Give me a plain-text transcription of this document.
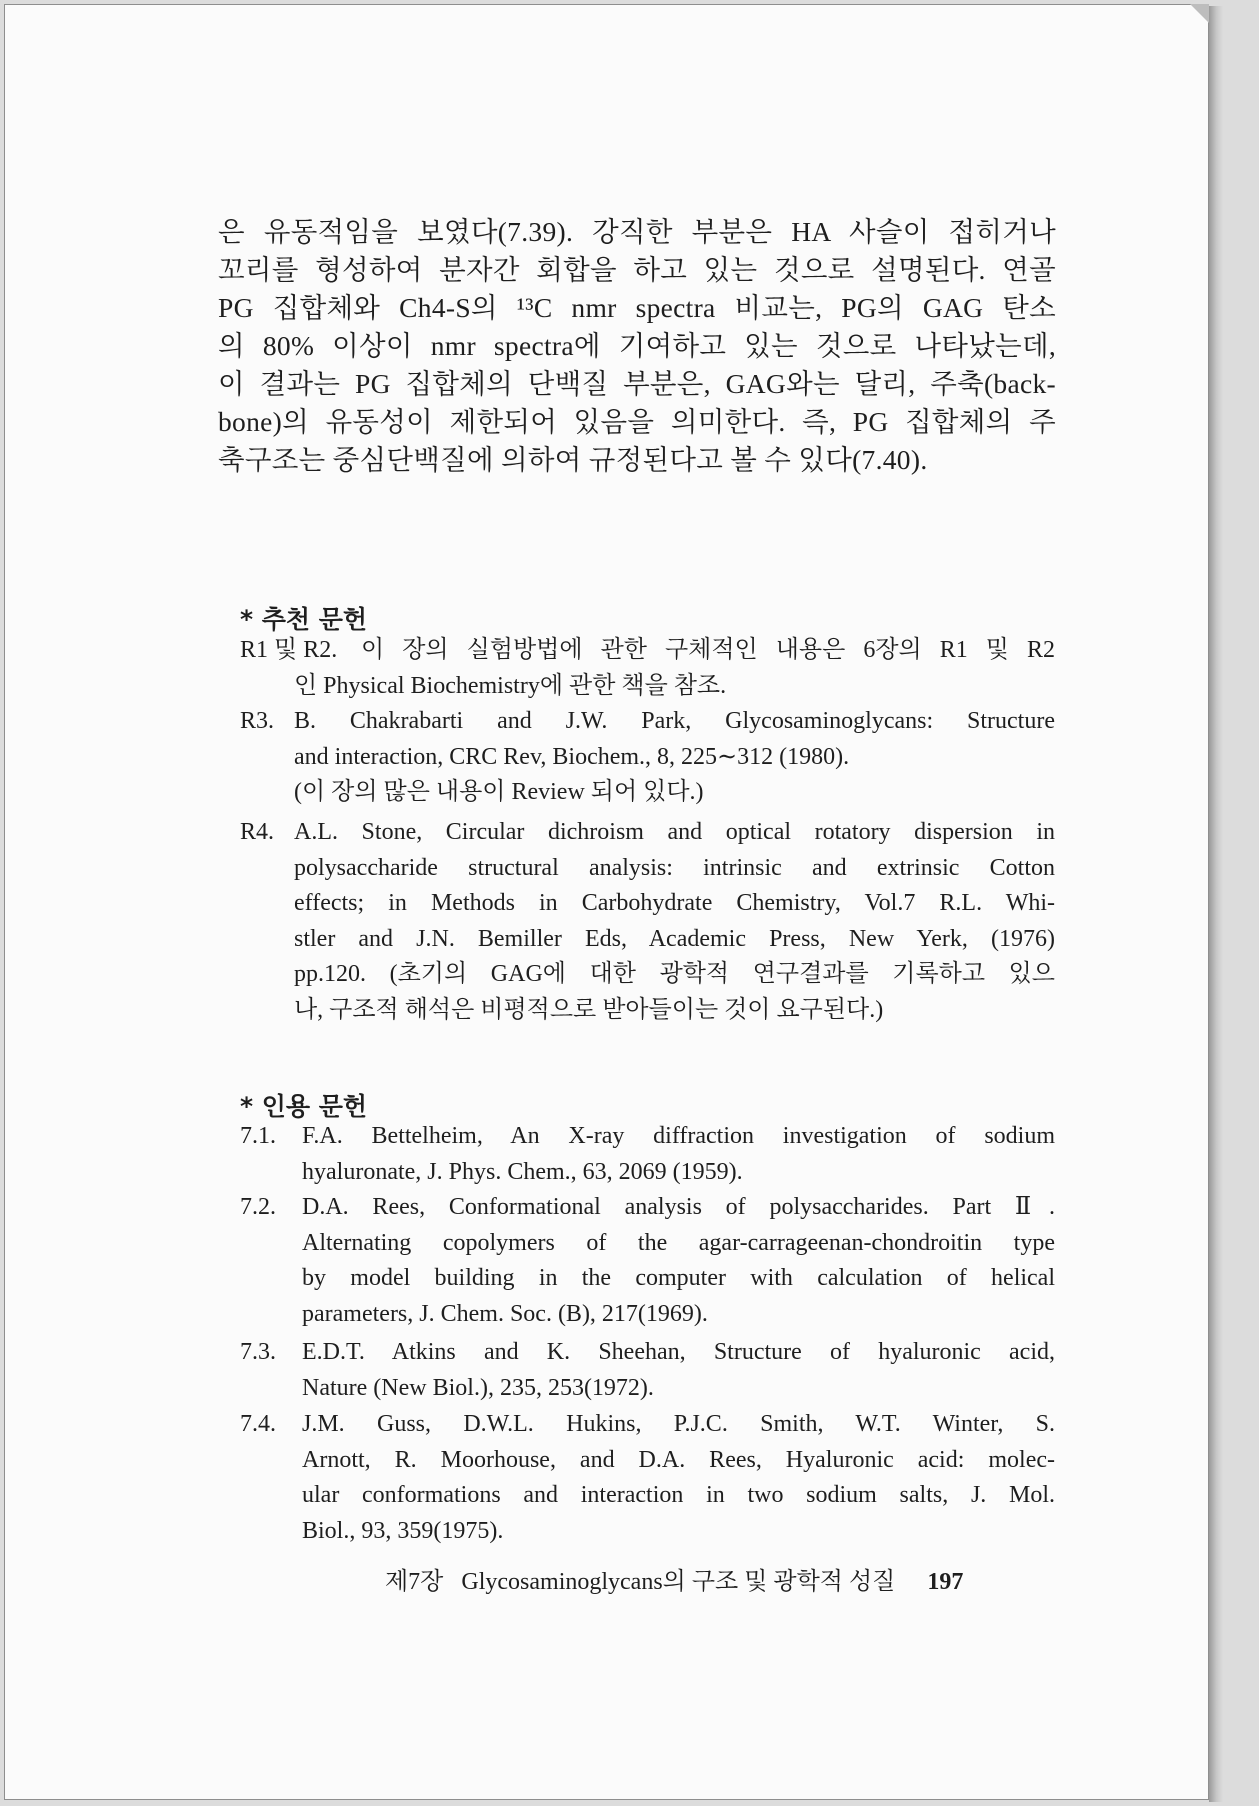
은 유동적임을 보였다(7.39). 강직한 부분은 HA 사슬이 접히거나
꼬리를 형성하여 분자간 회합을 하고 있는 것으로 설명된다. 연골
PG 집합체와 Ch4-S의 ¹³C nmr spectra 비교는, PG의 GAG 탄소
의 80% 이상이 nmr spectra에 기여하고 있는 것으로 나타났는데,
이 결과는 PG 집합체의 단백질 부분은, GAG와는 달리, 주축(back-
bone)의 유동성이 제한되어 있음을 의미한다. 즉, PG 집합체의 주
축구조는 중심단백질에 의하여 규정된다고 볼 수 있다(7.40).

* 추천 문헌
R1 및 R2. 이 장의 실험방법에 관한 구체적인 내용은 6장의 R1 및 R2
인 Physical Biochemistry에 관한 책을 참조.
R3. B. Chakrabarti and J.W. Park, Glycosaminoglycans: Structure
and interaction, CRC Rev, Biochem., 8, 225∼312 (1980).
(이 장의 많은 내용이 Review 되어 있다.)
R4. A.L. Stone, Circular dichroism and optical rotatory dispersion in
polysaccharide structural analysis: intrinsic and extrinsic Cotton
effects; in Methods in Carbohydrate Chemistry, Vol.7 R.L. Whi-
stler and J.N. Bemiller Eds, Academic Press, New Yerk, (1976)
pp.120. (초기의 GAG에 대한 광학적 연구결과를 기록하고 있으
나, 구조적 해석은 비평적으로 받아들이는 것이 요구된다.)
* 인용 문헌
7.1. F.A. Bettelheim, An X-ray diffraction investigation of sodium
hyaluronate, J. Phys. Chem., 63, 2069 (1959).
7.2. D.A. Rees, Conformational analysis of polysaccharides. Part Ⅱ.
Alternating copolymers of the agar-carrageenan-chondroitin type
by model building in the computer with calculation of helical
parameters, J. Chem. Soc. (B), 217(1969).
7.3. E.D.T. Atkins and K. Sheehan, Structure of hyaluronic acid,
Nature (New Biol.), 235, 253(1972).
7.4. J.M. Guss, D.W.L. Hukins, P.J.C. Smith, W.T. Winter, S.
Arnott, R. Moorhouse, and D.A. Rees, Hyaluronic acid: molec-
ular conformations and interaction in two sodium salts, J. Mol.
Biol., 93, 359(1975).
제7장 Glycosaminoglycans의 구조 및 광학적 성질 197
